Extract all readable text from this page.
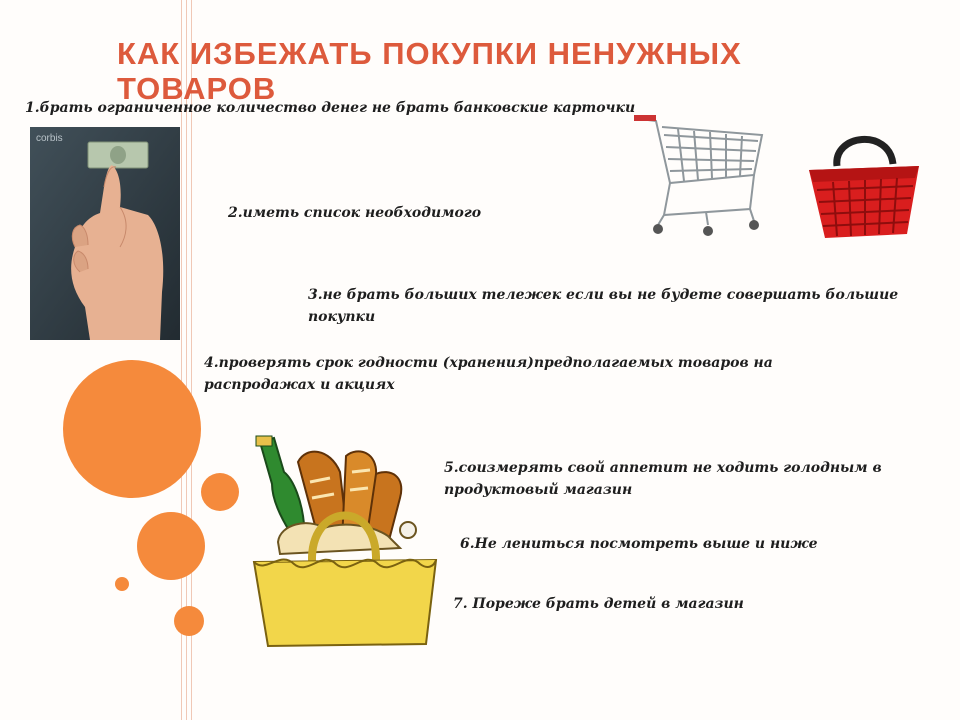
corbis
КАК ИЗБЕЖАТЬ ПОКУПКИ НЕНУЖНЫХ ТОВАРОВ

1.брать ограниченное количество денег не брать банковские карточки

2.иметь список необходимого

3.не брать больших тележек если вы не будете совершать большие покупки

4.проверять срок годности (хранения)предполагаемых товаров на распродажах и акциях

5.соизмерять свой аппетит не ходить голодным в продуктовый магазин

6.Не лениться посмотреть выше и ниже

7. Пореже брать детей в магазин
